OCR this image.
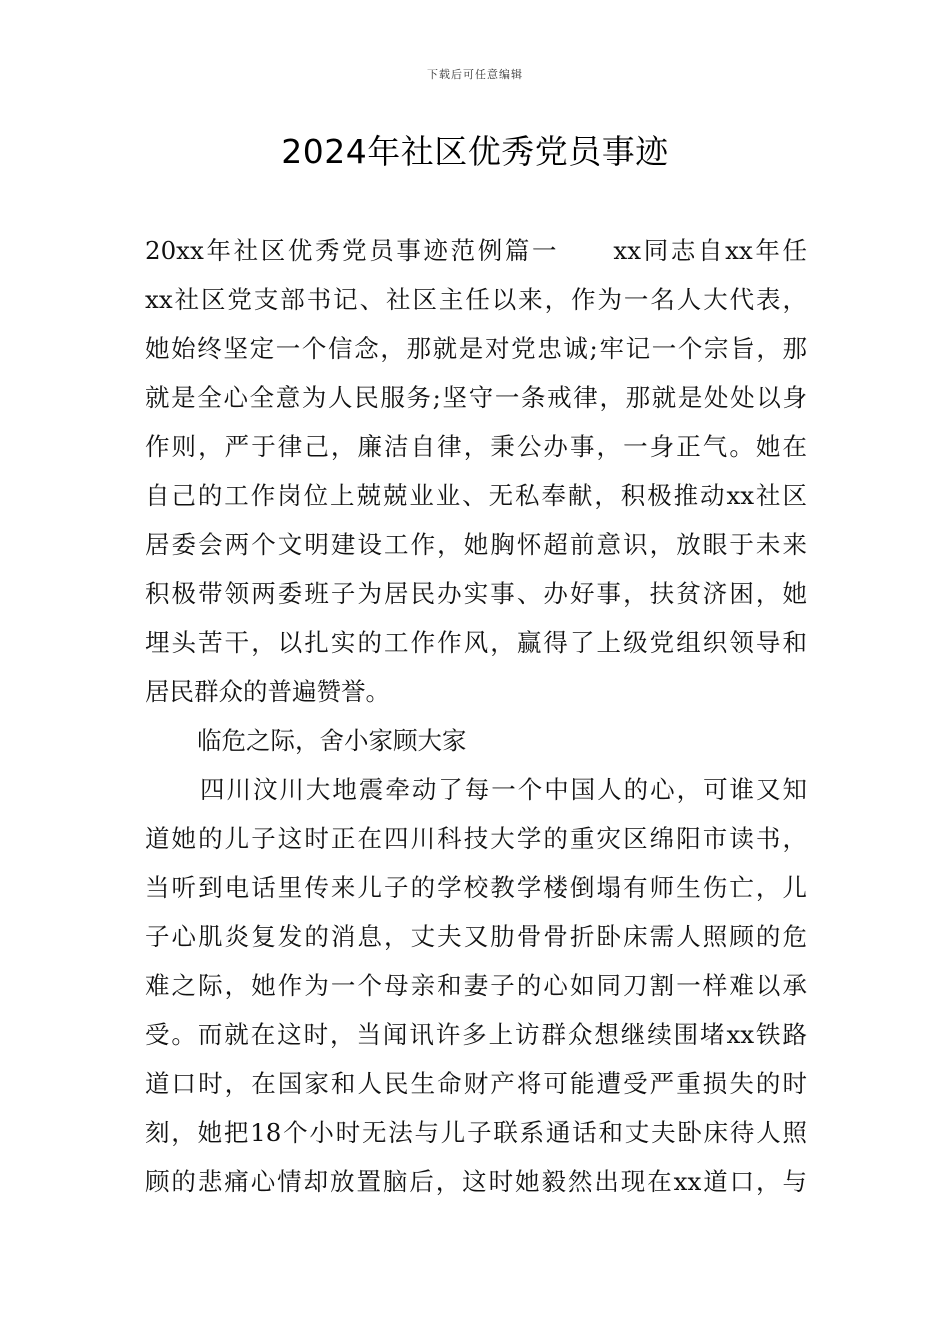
下载后可任意编辑
2024年社区优秀党员事迹
20xx年社区优秀党员事迹范例篇一　　xx同志自xx年任
xx社区党支部书记、社区主任以来，作为一名人大代表，
她始终坚定一个信念，那就是对党忠诚;牢记一个宗旨，那
就是全心全意为人民服务;坚守一条戒律，那就是处处以身
作则，严于律己，廉洁自律，秉公办事，一身正气。她在
自己的工作岗位上兢兢业业、无私奉献，积极推动xx社区
居委会两个文明建设工作，她胸怀超前意识，放眼于未来
积极带领两委班子为居民办实事、办好事，扶贫济困，她
埋头苦干，以扎实的工作作风，赢得了上级党组织领导和
居民群众的普遍赞誉。
临危之际，舍小家顾大家
四川汶川大地震牵动了每一个中国人的心，可谁又知
道她的儿子这时正在四川科技大学的重灾区绵阳市读书，
当听到电话里传来儿子的学校教学楼倒塌有师生伤亡，儿
子心肌炎复发的消息，丈夫又肋骨骨折卧床需人照顾的危
难之际，她作为一个母亲和妻子的心如同刀割一样难以承
受。而就在这时，当闻讯许多上访群众想继续围堵xx铁路
道口时，在国家和人民生命财产将可能遭受严重损失的时
刻，她把18个小时无法与儿子联系通话和丈夫卧床待人照
顾的悲痛心情却放置脑后，这时她毅然出现在xx道口，与
